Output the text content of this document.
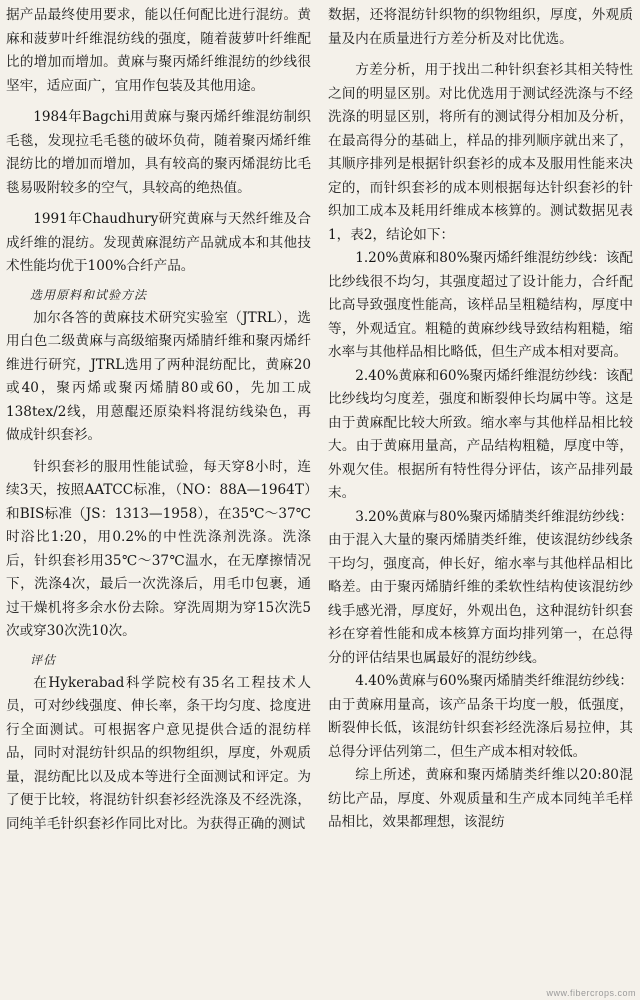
据产品最终使用要求，能以任何配比进行混纺。黄麻和菠萝叶纤维混纺线的强度，随着菠萝叶纤维配比的增加而增加。黄麻与聚丙烯纤维混纺的纱线很坚牢，适应面广，宜用作包装及其他用途。

1984年Bagchi用黄麻与聚丙烯纤维混纺制织毛毯，发现拉毛毛毯的破坏负荷，随着聚丙烯纤维混纺比的增加而增加，具有较高的聚丙烯混纺比毛毯易吸附较多的空气，具较高的绝热值。

1991年Chaudhury研究黄麻与天然纤维及合成纤维的混纺。发现黄麻混纺产品就成本和其他技术性能均优于100%合纤产品。

选用原料和试验方法

加尔各答的黄麻技术研究实验室（JTRL），选用白色二级黄麻与高级缩聚丙烯腈纤维和聚丙烯纤维进行研究，JTRL选用了两种混纺配比，黄麻20或40，聚丙烯或聚丙烯腈80或60，先加工成138tex/2线，用蒽醌还原染料将混纺线染色，再做成针织套衫。

针织套衫的服用性能试验，每天穿8小时，连续3天，按照AATCC标准，（NO：88A—1964T）和BIS标准（JS：1313—1958），在35℃～37℃时浴比1:20，用0.2%的中性洗涤剂洗涤。洗涤后，针织套衫用35℃～37℃温水，在无摩擦情况下，洗涤4次，最后一次洗涤后，用毛巾包裹，通过干燥机将多余水份去除。穿洗周期为穿15次洗5次或穿30次洗10次。

评估

在Hykerabad科学院校有35名工程技术人员，可对纱线强度、伸长率，条干均匀度、捻度进行全面测试。可根据客户意见提供合适的混纺样品，同时对混纺针织品的织物组织，厚度，外观质量，混纺配比以及成本等进行全面测试和评定。为了便于比较，将混纺针织套衫经洗涤及不经洗涤，同纯羊毛针织套衫作同比对比。为获得正确的测试

数据，还将混纺针织物的织物组织，厚度，外观质量及内在质量进行方差分析及对比优选。

方差分析，用于找出二种针织套衫其相关特性之间的明显区别。对比优选用于测试经洗涤与不经洗涤的明显区别，将所有的测试得分相加及分析，在最高得分的基础上，样品的排列顺序就出来了，其顺序排列是根据针织套衫的成本及服用性能来决定的，而针织套衫的成本则根据每达针织套衫的针织加工成本及耗用纤维成本核算的。测试数据见表1，表2，结论如下：

1.20%黄麻和80%聚丙烯纤维混纺纱线：该配比纱线很不均匀，其强度超过了设计能力，合纤配比高导致强度性能高，该样品呈粗糙结构，厚度中等，外观适宜。粗糙的黄麻纱线导致结构粗糙，缩水率与其他样品相比略低，但生产成本相对要高。

2.40%黄麻和60%聚丙烯纤维混纺纱线：该配比纱线均匀度差，强度和断裂伸长均属中等。这是由于黄麻配比较大所致。缩水率与其他样品相比较大。由于黄麻用量高，产品结构粗糙，厚度中等，外观欠佳。根据所有特性得分评估，该产品排列最末。

3.20%黄麻与80%聚丙烯腈类纤维混纺纱线：由于混入大量的聚丙烯腈类纤维，使该混纺纱线条干均匀，强度高，伸长好，缩水率与其他样品相比略差。由于聚丙烯腈纤维的柔软性结构使该混纺纱线手感光滑，厚度好，外观出色，这种混纺针织套衫在穿着性能和成本核算方面均排列第一，在总得分的评估结果也属最好的混纺纱线。

4.40%黄麻与60%聚丙烯腈类纤维混纺纱线：由于黄麻用量高，该产品条干均度一般，低强度，断裂伸长低，该混纺针织套衫经洗涤后易拉伸，其总得分评估列第二，但生产成本相对较低。

综上所述，黄麻和聚丙烯腈类纤维以20:80混纺比产品，厚度、外观质量和生产成本同纯羊毛样品相比，效果都理想，该混纺

www.fibercrops.com
